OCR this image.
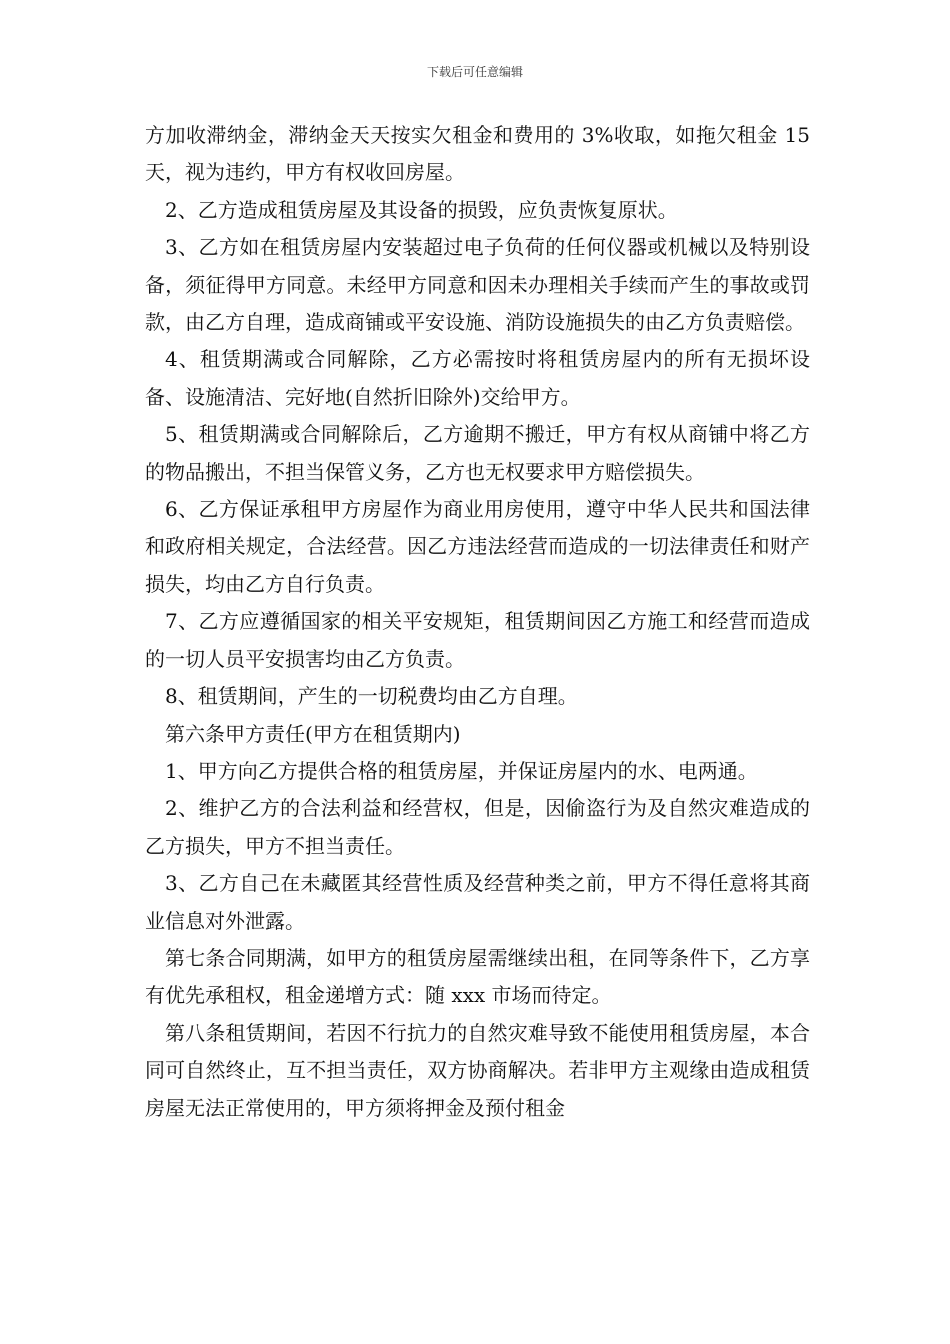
下载后可任意编辑

方加收滞纳金，滞纳金天天按实欠租金和费用的 3%收取，如拖欠租金 15 天，视为违约，甲方有权收回房屋。

2、乙方造成租赁房屋及其设备的损毁，应负责恢复原状。

3、乙方如在租赁房屋内安装超过电子负荷的任何仪器或机械以及特别设备，须征得甲方同意。未经甲方同意和因未办理相关手续而产生的事故或罚款，由乙方自理，造成商铺或平安设施、消防设施损失的由乙方负责赔偿。

4、租赁期满或合同解除，乙方必需按时将租赁房屋内的所有无损坏设备、设施清洁、完好地(自然折旧除外)交给甲方。

5、租赁期满或合同解除后，乙方逾期不搬迁，甲方有权从商铺中将乙方的物品搬出，不担当保管义务，乙方也无权要求甲方赔偿损失。

6、乙方保证承租甲方房屋作为商业用房使用，遵守中华人民共和国法律和政府相关规定，合法经营。因乙方违法经营而造成的一切法律责任和财产损失，均由乙方自行负责。

7、乙方应遵循国家的相关平安规矩，租赁期间因乙方施工和经营而造成的一切人员平安损害均由乙方负责。

8、租赁期间，产生的一切税费均由乙方自理。

第六条甲方责任(甲方在租赁期内)

1、甲方向乙方提供合格的租赁房屋，并保证房屋内的水、电两通。

2、维护乙方的合法利益和经营权，但是，因偷盗行为及自然灾难造成的乙方损失，甲方不担当责任。

3、乙方自己在未藏匿其经营性质及经营种类之前，甲方不得任意将其商业信息对外泄露。

第七条合同期满，如甲方的租赁房屋需继续出租，在同等条件下，乙方享有优先承租权，租金递增方式：随 xxx 市场而待定。

第八条租赁期间，若因不行抗力的自然灾难导致不能使用租赁房屋，本合同可自然终止，互不担当责任，双方协商解决。若非甲方主观缘由造成租赁房屋无法正常使用的，甲方须将押金及预付租金
